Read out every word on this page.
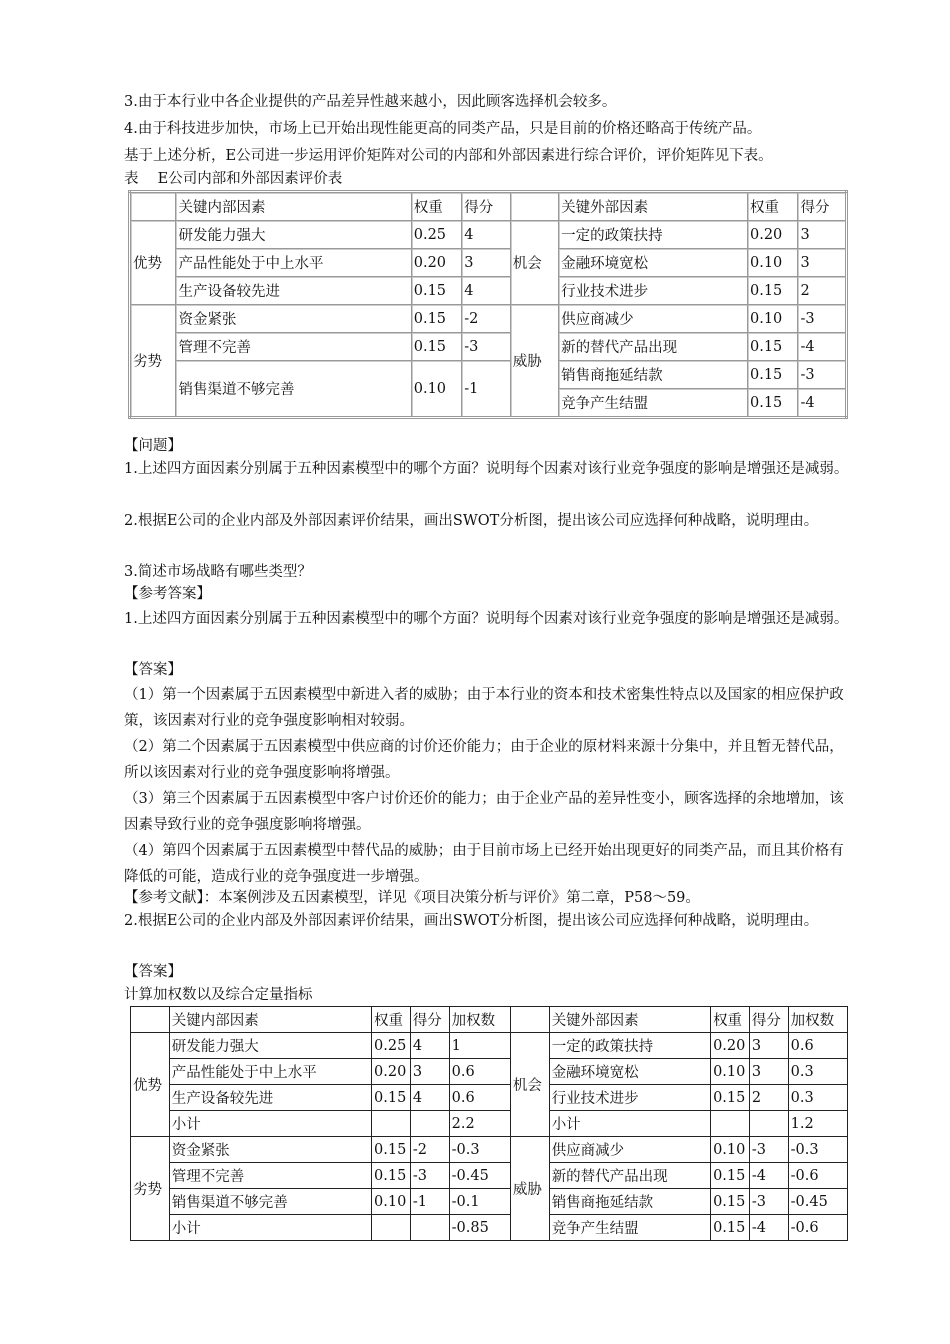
3.由于本行业中各企业提供的产品差异性越来越小，因此顾客选择机会较多。
4.由于科技进步加快，市场上已开始出现性能更高的同类产品，只是目前的价格还略高于传统产品。
基于上述分析，E公司进一步运用评价矩阵对公司的内部和外部因素进行综合评价，评价矩阵见下表。
表　 E公司内部和外部因素评价表
	关键内部因素	权重	得分		关键外部因素	权重	得分
优势	研发能力强大	0.25	4	机会	一定的政策扶持	0.20	3
	产品性能处于中上水平	0.20	3		金融环境宽松	0.10	3
	生产设备较先进	0.15	4		行业技术进步	0.15	2
劣势	资金紧张	0.15	-2	威胁	供应商减少	0.10	-3
	管理不完善	0.15	-3		新的替代产品出现	0.15	-4
	销售渠道不够完善	0.10	-1		销售商拖延结款	0.15	-3
					竞争产生结盟	0.15	-4
【问题】
1.上述四方面因素分别属于五种因素模型中的哪个方面？说明每个因素对该行业竞争强度的影响是增强还是减弱。
2.根据E公司的企业内部及外部因素评价结果，画出SWOT分析图，提出该公司应选择何种战略，说明理由。
3.简述市场战略有哪些类型？
【参考答案】
1.上述四方面因素分别属于五种因素模型中的哪个方面？说明每个因素对该行业竞争强度的影响是增强还是减弱。
【答案】
（1）第一个因素属于五因素模型中新进入者的威胁；由于本行业的资本和技术密集性特点以及国家的相应保护政策，该因素对行业的竞争强度影响相对较弱。
（2）第二个因素属于五因素模型中供应商的讨价还价能力；由于企业的原材料来源十分集中，并且暂无替代品，所以该因素对行业的竞争强度影响将增强。
（3）第三个因素属于五因素模型中客户讨价还价的能力；由于企业产品的差异性变小，顾客选择的余地增加，该因素导致行业的竞争强度影响将增强。
（4）第四个因素属于五因素模型中替代品的威胁；由于目前市场上已经开始出现更好的同类产品，而且其价格有降低的可能，造成行业的竞争强度进一步增强。
【参考文献】：本案例涉及五因素模型，详见《项目决策分析与评价》第二章，P58～59。
2.根据E公司的企业内部及外部因素评价结果，画出SWOT分析图，提出该公司应选择何种战略，说明理由。
【答案】
计算加权数以及综合定量指标
	关键内部因素	权重	得分	加权数		关键外部因素	权重	得分	加权数
优势	研发能力强大	0.25	4	1	机会	一定的政策扶持	0.20	3	0.6
	产品性能处于中上水平	0.20	3	0.6		金融环境宽松	0.10	3	0.3
	生产设备较先进	0.15	4	0.6		行业技术进步	0.15	2	0.3
	小计			2.2		小计			1.2
劣势	资金紧张	0.15	-2	-0.3	威胁	供应商减少	0.10	-3	-0.3
	管理不完善	0.15	-3	-0.45		新的替代产品出现	0.15	-4	-0.6
	销售渠道不够完善	0.10	-1	-0.1		销售商拖延结款	0.15	-3	-0.45
	小计			-0.85		竞争产生结盟	0.15	-4	-0.6
